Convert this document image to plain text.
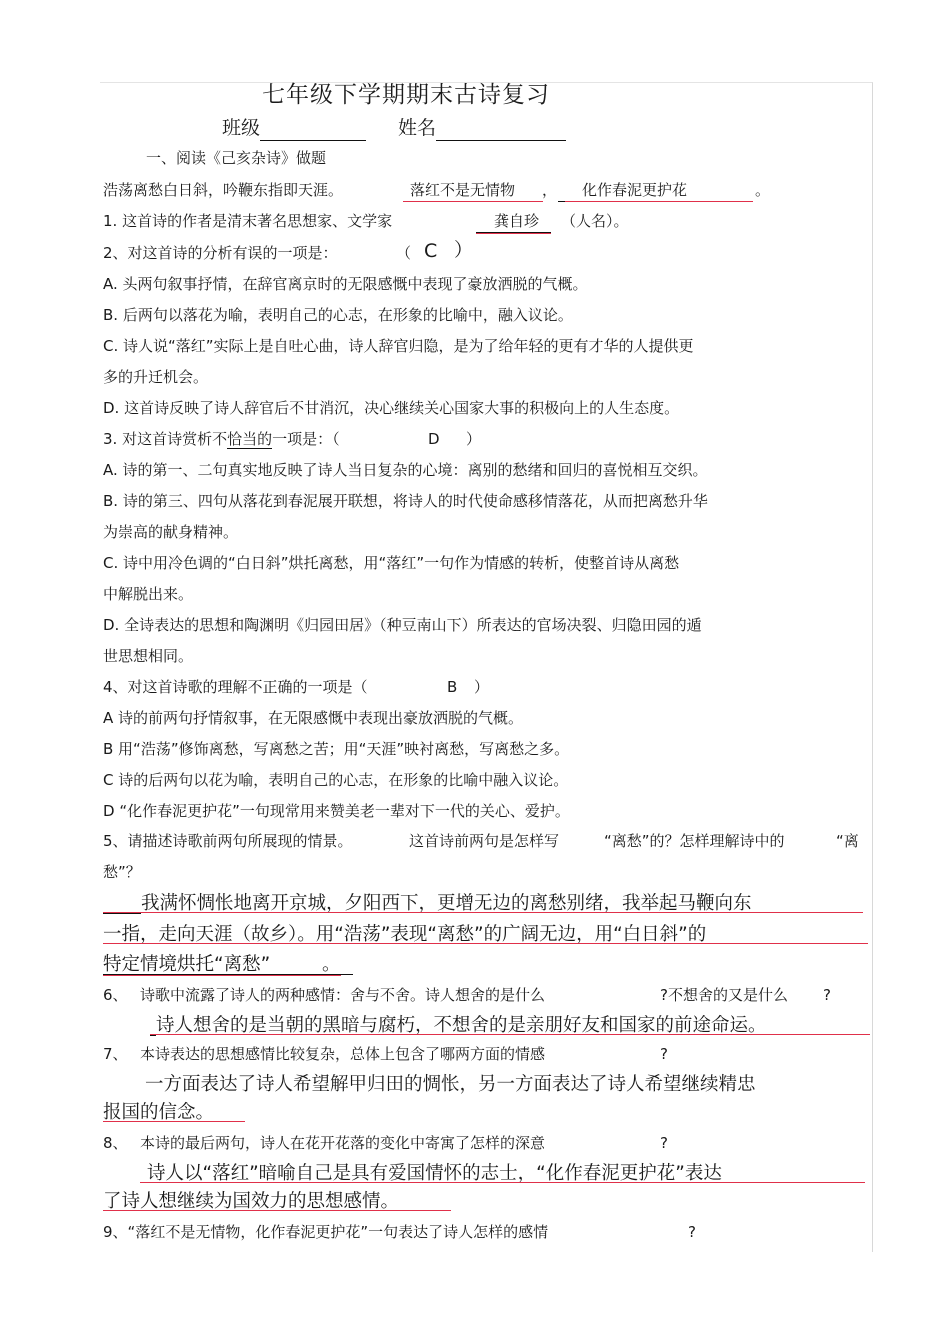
七年级下学期期末古诗复习
班级	姓名
一、阅读《己亥杂诗》做题
浩荡离愁白日斜，吟鞭东指即天涯。	落红不是无情物 ， 化作春泥更护花	。
1. 这首诗的作者是清末著名思想家、文学家	龚自珍 （人名）。
2、对这首诗的分析有误的一项是：	（ C ）
A. 头两句叙事抒情，在辞官离京时的无限感慨中表现了豪放洒脱的气概。
B. 后两句以落花为喻，表明自己的心志，在形象的比喻中，融入议论。
C. 诗人说“落红”实际上是自吐心曲，诗人辞官归隐，是为了给年轻的更有才华的人提供更
多的升迁机会。
D. 这首诗反映了诗人辞官后不甘消沉，决心继续关心国家大事的积极向上的人生态度。
3. 对这首诗赏析不恰当的一项是：（	D ）
A. 诗的第一、二句真实地反映了诗人当日复杂的心境：离别的愁绪和回归的喜悦相互交织。
B. 诗的第三、四句从落花到春泥展开联想，将诗人的时代使命感移情落花，从而把离愁升华
为崇高的献身精神。
C. 诗中用冷色调的“白日斜”烘托离愁，用“落红”一句作为情感的转析，使整首诗从离愁
中解脱出来。
D. 全诗表达的思想和陶渊明《归园田居》（种豆南山下）所表达的官场决裂、归隐田园的遁
世思想相同。
4、对这首诗歌的理解不正确的一项是（	B ）
A 诗的前两句抒情叙事，在无限感慨中表现出豪放洒脱的气概。
B 用“浩荡”修饰离愁，写离愁之苦；用“天涯”映衬离愁，写离愁之多。
C 诗的后两句以花为喻，表明自己的心志，在形象的比喻中融入议论。
D “化作春泥更护花”一句现常用来赞美老一辈对下一代的关心、爱护。
5、请描述诗歌前两句所展现的情景。	这首诗前两句是怎样写	“离愁”的？怎样理解诗中的	“离
愁”？
我满怀惆怅地离开京城，夕阳西下，更增无边的离愁别绪，我举起马鞭向东
一指，走向天涯（故乡）。用“浩荡”表现“离愁”的广阔无边，用“白日斜”的
特定情境烘托“离愁”	。
6、 诗歌中流露了诗人的两种感情：舍与不舍。诗人想舍的是什么	?不想舍的又是什么 ?
诗人想舍的是当朝的黑暗与腐朽，不想舍的是亲朋好友和国家的前途命运。
7、 本诗表达的思想感情比较复杂，总体上包含了哪两方面的情感	?
一方面表达了诗人希望解甲归田的惆怅，另一方面表达了诗人希望继续精忠
报国的信念。
8、 本诗的最后两句，诗人在花开花落的变化中寄寓了怎样的深意	?
诗人以“落红”暗喻自己是具有爱国情怀的志士，“化作春泥更护花”表达
了诗人想继续为国效力的思想感情。
9、“落红不是无情物，化作春泥更护花”一句表达了诗人怎样的感情	?
